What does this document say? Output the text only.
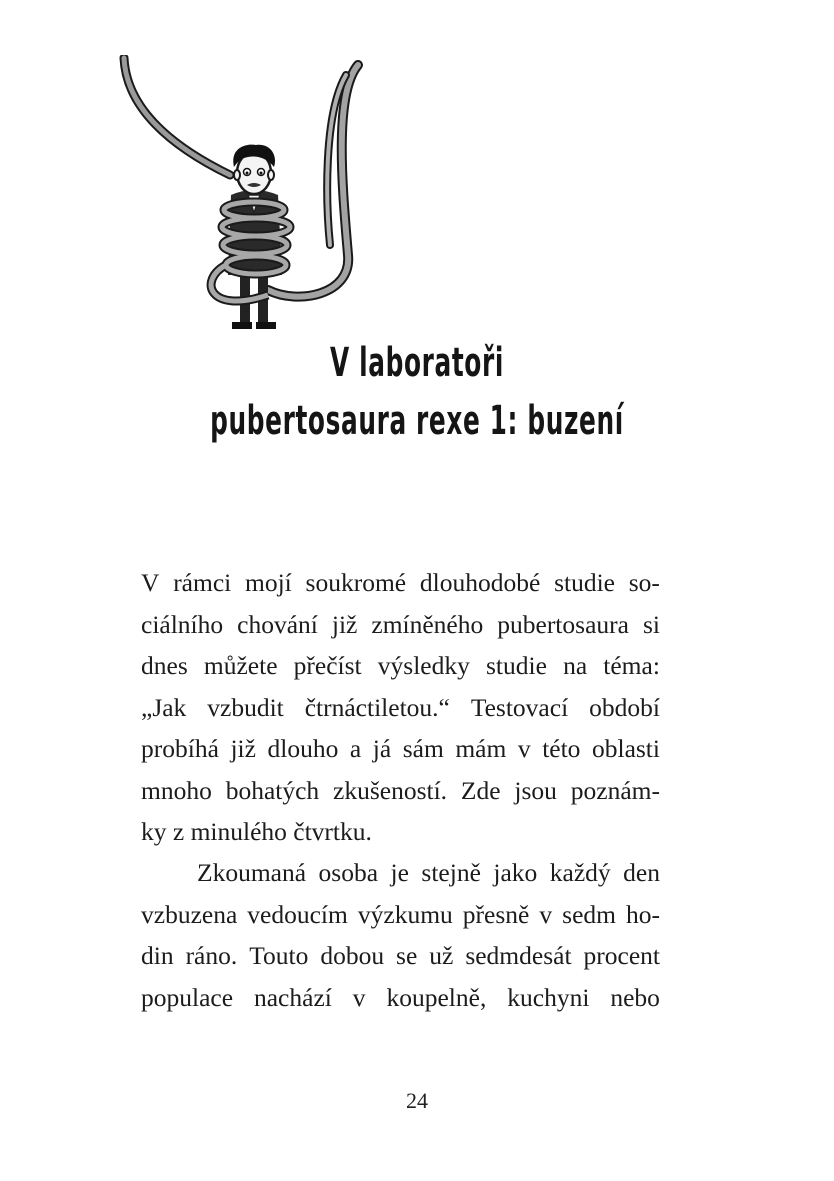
V laboratoři
pubertosaura rexe 1: buzení
V rámci mojí soukromé dlouhodobé studie so-
ciálního chování již zmíněného pubertosaura si
dnes můžete přečíst výsledky studie na téma:
„Jak vzbudit čtrnáctiletou.“ Testovací období
probíhá již dlouho a já sám mám v této oblasti
mnoho bohatých zkušeností. Zde jsou poznám-
ky z minulého čtvrtku.
Zkoumaná osoba je stejně jako každý den
vzbuzena vedoucím výzkumu přesně v sedm ho-
din ráno. Touto dobou se už sedmdesát procent
populace nachází v koupelně, kuchyni nebo
24
